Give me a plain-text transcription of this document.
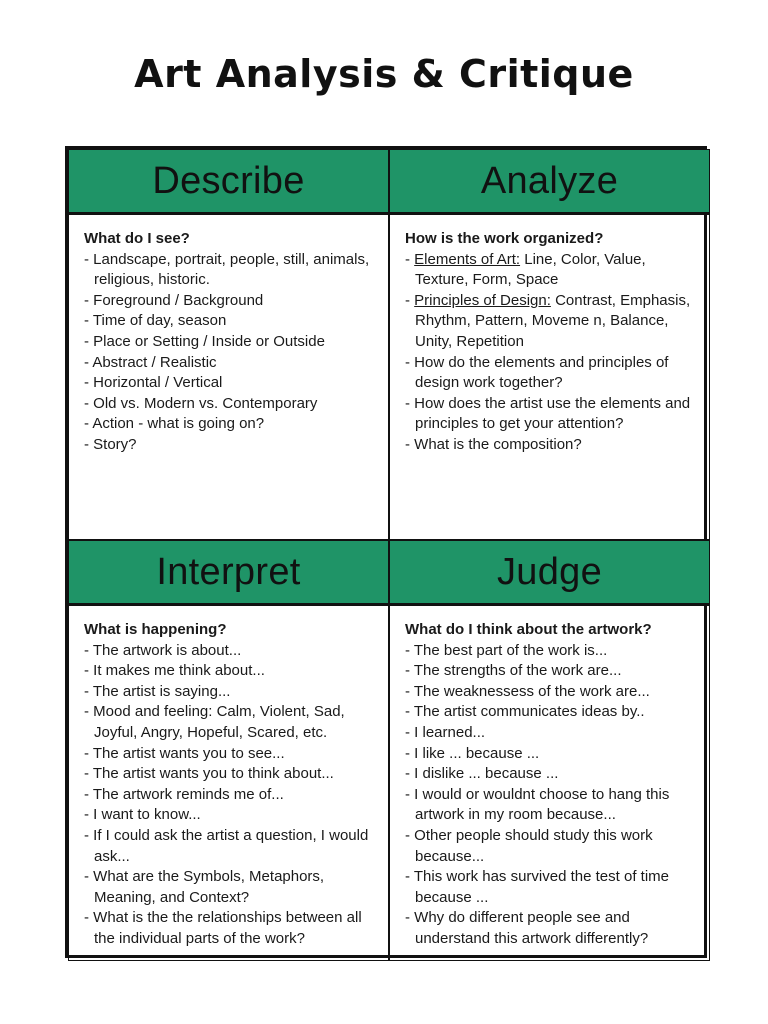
Art Analysis & Critique
Describe
What do I see?
- Landscape, portrait, people, still, animals, religious, historic.
- Foreground / Background
- Time of day, season
- Place or Setting / Inside or Outside
- Abstract / Realistic
- Horizontal / Vertical
- Old vs. Modern vs. Contemporary
- Action - what is going on?
- Story?
Analyze
How is the work organized?
- Elements of Art: Line, Color, Value, Texture, Form, Space
- Principles of Design: Contrast, Emphasis, Rhythm, Pattern, Moveme n, Balance, Unity, Repetition
- How do the elements and principles of design work together?
- How does the artist use the elements and principles to get your attention?
- What is the composition?
Interpret
What is happening?
- The artwork is about...
- It makes me think about...
- The artist is saying...
- Mood and feeling: Calm, Violent, Sad, Joyful, Angry, Hopeful, Scared, etc.
- The artist wants you to see...
- The artist wants you to think about...
- The artwork reminds me of...
- I want to know...
- If I could ask the artist a question, I would ask...
- What are the Symbols, Metaphors, Meaning, and Context?
- What is the the relationships between all the individual parts of the work?
Judge
What do I think about the artwork?
- The best part of the work is...
- The strengths of the work are...
- The weaknessess of the work are...
- The artist communicates ideas by..
- I learned...
- I like ... because ...
- I dislike ... because ...
- I would or wouldnt choose to hang this artwork in my room because...
- Other people should study this work because...
- This work has survived the test of time because ...
- Why do different people see and understand this artwork differently?
